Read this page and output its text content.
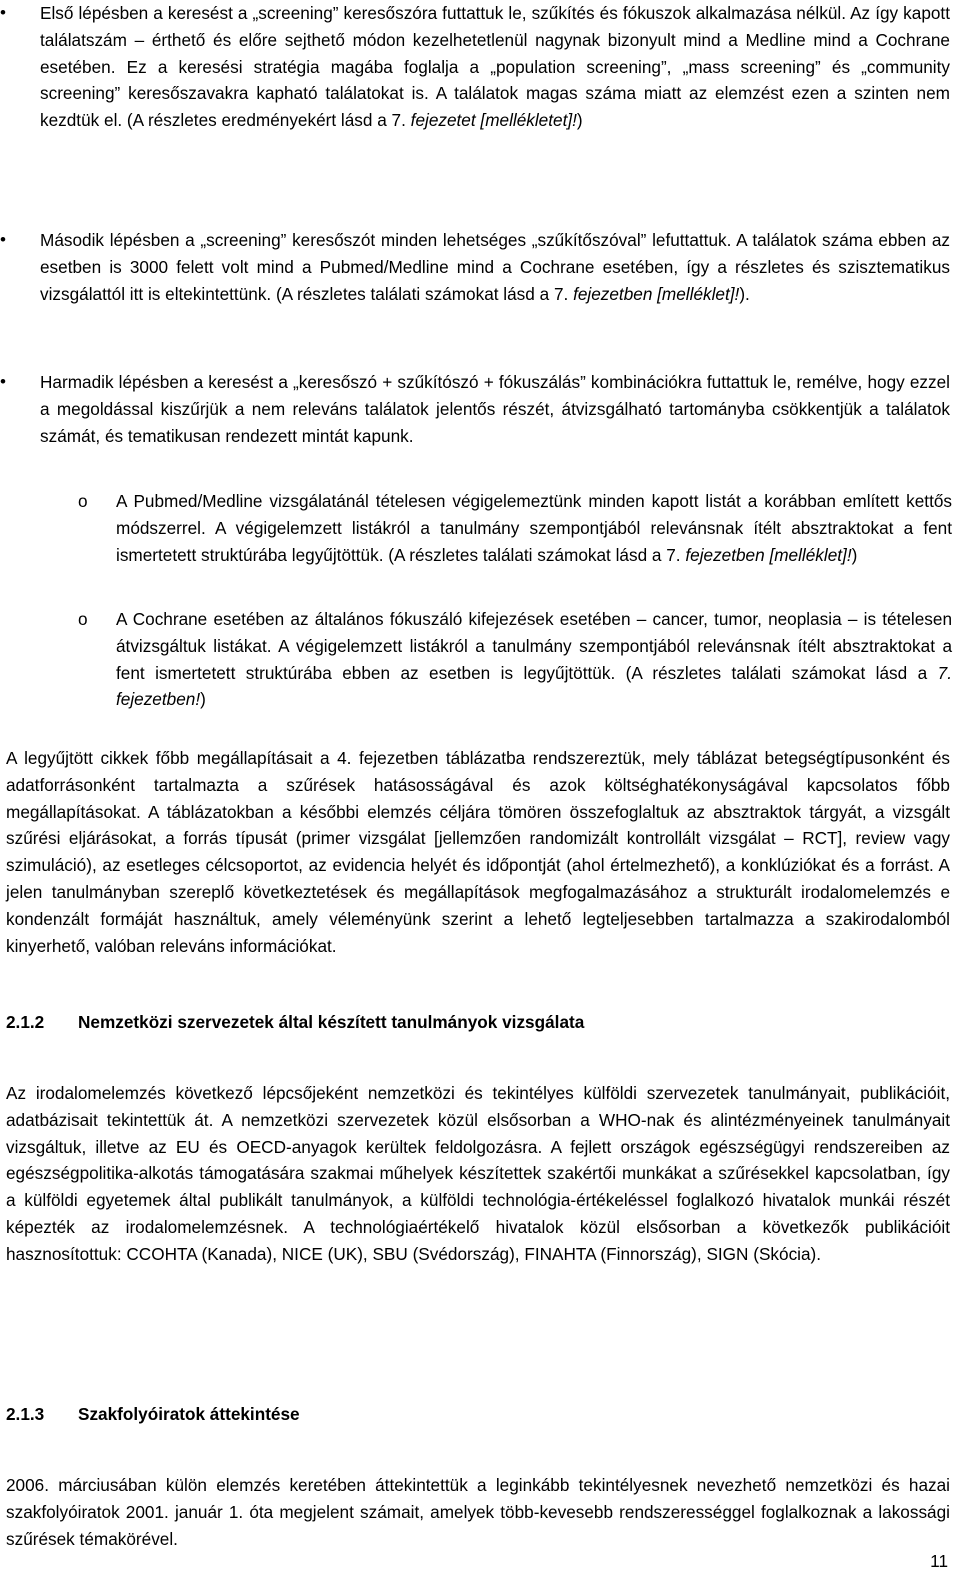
• Első lépésben a keresést a „screening” keresőszóra futtattuk le, szűkítés és fókuszok alkalmazása nélkül. Az így kapott találatszám – érthető és előre sejthető módon kezelhetetlenül nagynak bizonyult mind a Medline mind a Cochrane esetében. Ez a keresési stratégia magába foglalja a „population screening”, „mass screening” és „community screening” keresőszavakra kapható találatokat is. A találatok magas száma miatt az elemzést ezen a szinten nem kezdtük el. (A részletes eredményekért lásd a 7. fejezetet [mellékletet]!)
• Második lépésben a „screening” keresőszót minden lehetséges „szűkítőszóval” lefuttattuk. A találatok száma ebben az esetben is 3000 felett volt mind a Pubmed/Medline mind a Cochrane esetében, így a részletes és szisztematikus vizsgálattól itt is eltekintettünk. (A részletes találati számokat lásd a 7. fejezetben [melléklet]!).
• Harmadik lépésben a keresést a „keresőszó + szűkítószó + fókuszálás” kombinációkra futtattuk le, remélve, hogy ezzel a megoldással kiszűrjük a nem releváns találatok jelentős részét, átvizsgálható tartományba csökkentjük a találatok számát, és tematikusan rendezett mintát kapunk.
o A Pubmed/Medline vizsgálatánál tételesen végigelemeztünk minden kapott listát a korábban említett kettős módszerrel. A végigelemzett listákról a tanulmány szempontjából relevánsnak ítélt absztraktokat a fent ismertetett struktúrába legyűjtöttük. (A részletes találati számokat lásd a 7. fejezetben [melléklet]!)
o A Cochrane esetében az általános fókuszáló kifejezések esetében – cancer, tumor, neoplasia – is tételesen átvizsgáltuk listákat. A végigelemzett listákról a tanulmány szempontjából relevánsnak ítélt absztraktokat a fent ismertetett struktúrába ebben az esetben is legyűjtöttük. (A részletes találati számokat lásd a 7. fejezetben!)
A legyűjtött cikkek főbb megállapításait a 4. fejezetben táblázatba rendszereztük, mely táblázat betegségtípusonként és adatforrásonként tartalmazta a szűrések hatásosságával és azok költséghatékonyságával kapcsolatos főbb megállapításokat. A táblázatokban a későbbi elemzés céljára tömören összefoglaltuk az absztraktok tárgyát, a vizsgált szűrési eljárásokat, a forrás típusát (primer vizsgálat [jellemzően randomizált kontrollált vizsgálat – RCT], review vagy szimuláció), az esetleges célcsoportot, az evidencia helyét és időpontját (ahol értelmezhető), a konklúziókat és a forrást. A jelen tanulmányban szereplő következtetések és megállapítások megfogalmazásához a strukturált irodalomelemzés e kondenzált formáját használtuk, amely véleményünk szerint a lehető legteljesebben tartalmazza a szakirodalomból kinyerhető, valóban releváns információkat.
2.1.2 Nemzetközi szervezetek által készített tanulmányok vizsgálata
Az irodalomelemzés következő lépcsőjeként nemzetközi és tekintélyes külföldi szervezetek tanulmányait, publikációit, adatbázisait tekintettük át. A nemzetközi szervezetek közül elsősorban a WHO-nak és alintézményeinek tanulmányait vizsgáltuk, illetve az EU és OECD-anyagok kerültek feldolgozásra. A fejlett országok egészségügyi rendszereiben az egészségpolitika-alkotás támogatására szakmai műhelyek készítettek szakértői munkákat a szűrésekkel kapcsolatban, így a külföldi egyetemek által publikált tanulmányok, a külföldi technológia-értékeléssel foglalkozó hivatalok munkái részét képezték az irodalomelemzésnek. A technológiaértékelő hivatalok közül elsősorban a következők publikációit hasznosítottuk: CCOHTA (Kanada), NICE (UK), SBU (Svédország), FINAHTA (Finnország), SIGN (Skócia).
2.1.3 Szakfolyóiratok áttekintése
2006. márciusában külön elemzés keretében áttekintettük a leginkább tekintélyesnek nevezhető nemzetközi és hazai szakfolyóiratok 2001. január 1. óta megjelent számait, amelyek több-kevesebb rendszerességgel foglalkoznak a lakossági szűrések témakörével.
11
